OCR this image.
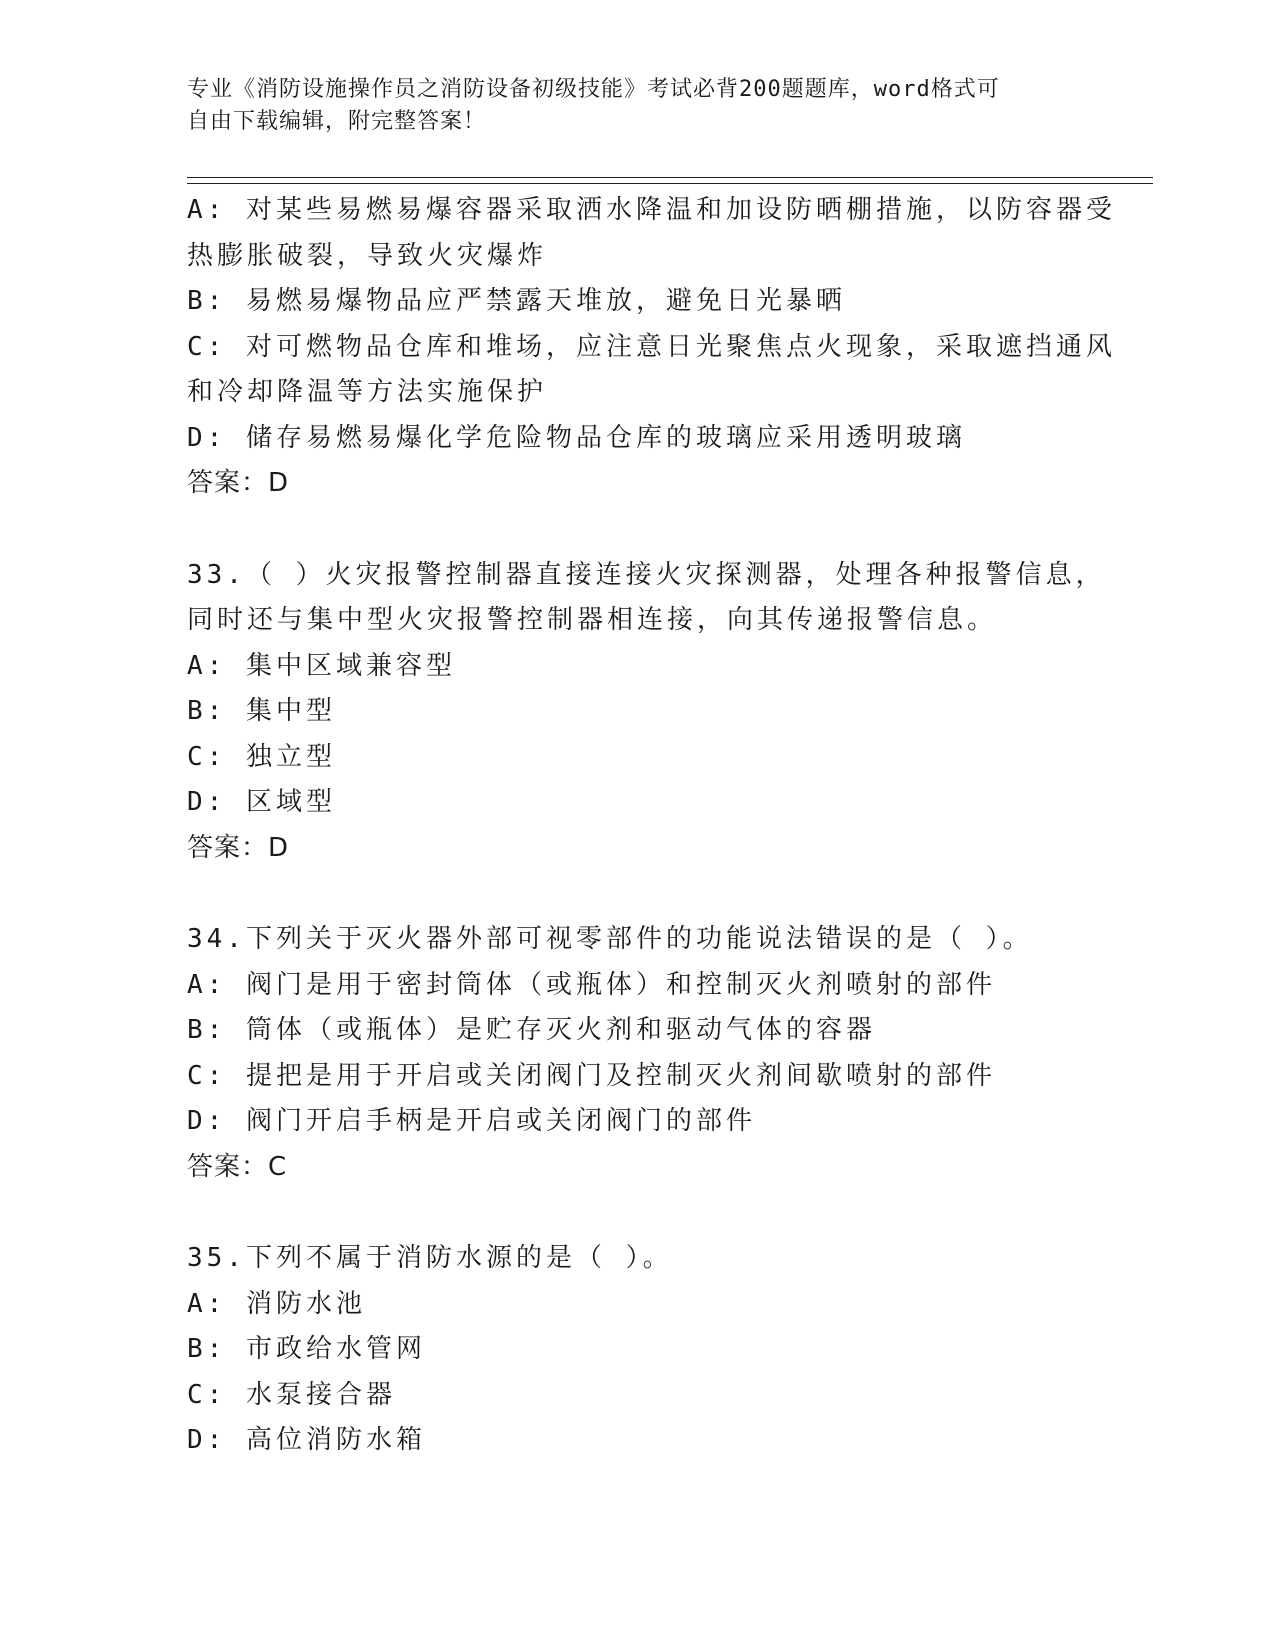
专业《消防设施操作员之消防设备初级技能》考试必背200题题库，word格式可
自由下载编辑，附完整答案！
A: 对某些易燃易爆容器采取洒水降温和加设防晒棚措施，以防容器受
热膨胀破裂，导致火灾爆炸
B: 易燃易爆物品应严禁露天堆放，避免日光暴晒
C: 对可燃物品仓库和堆场，应注意日光聚焦点火现象，采取遮挡通风
和冷却降温等方法实施保护
D: 储存易燃易爆化学危险物品仓库的玻璃应采用透明玻璃
答案：D
33.（ ）火灾报警控制器直接连接火灾探测器，处理各种报警信息，
同时还与集中型火灾报警控制器相连接，向其传递报警信息。
A: 集中区域兼容型
B: 集中型
C: 独立型
D: 区域型
答案：D
34.下列关于灭火器外部可视零部件的功能说法错误的是（ ）。
A: 阀门是用于密封筒体（或瓶体）和控制灭火剂喷射的部件
B: 筒体（或瓶体）是贮存灭火剂和驱动气体的容器
C: 提把是用于开启或关闭阀门及控制灭火剂间歇喷射的部件
D: 阀门开启手柄是开启或关闭阀门的部件
答案：C
35.下列不属于消防水源的是（ ）。
A: 消防水池
B: 市政给水管网
C: 水泵接合器
D: 高位消防水箱
